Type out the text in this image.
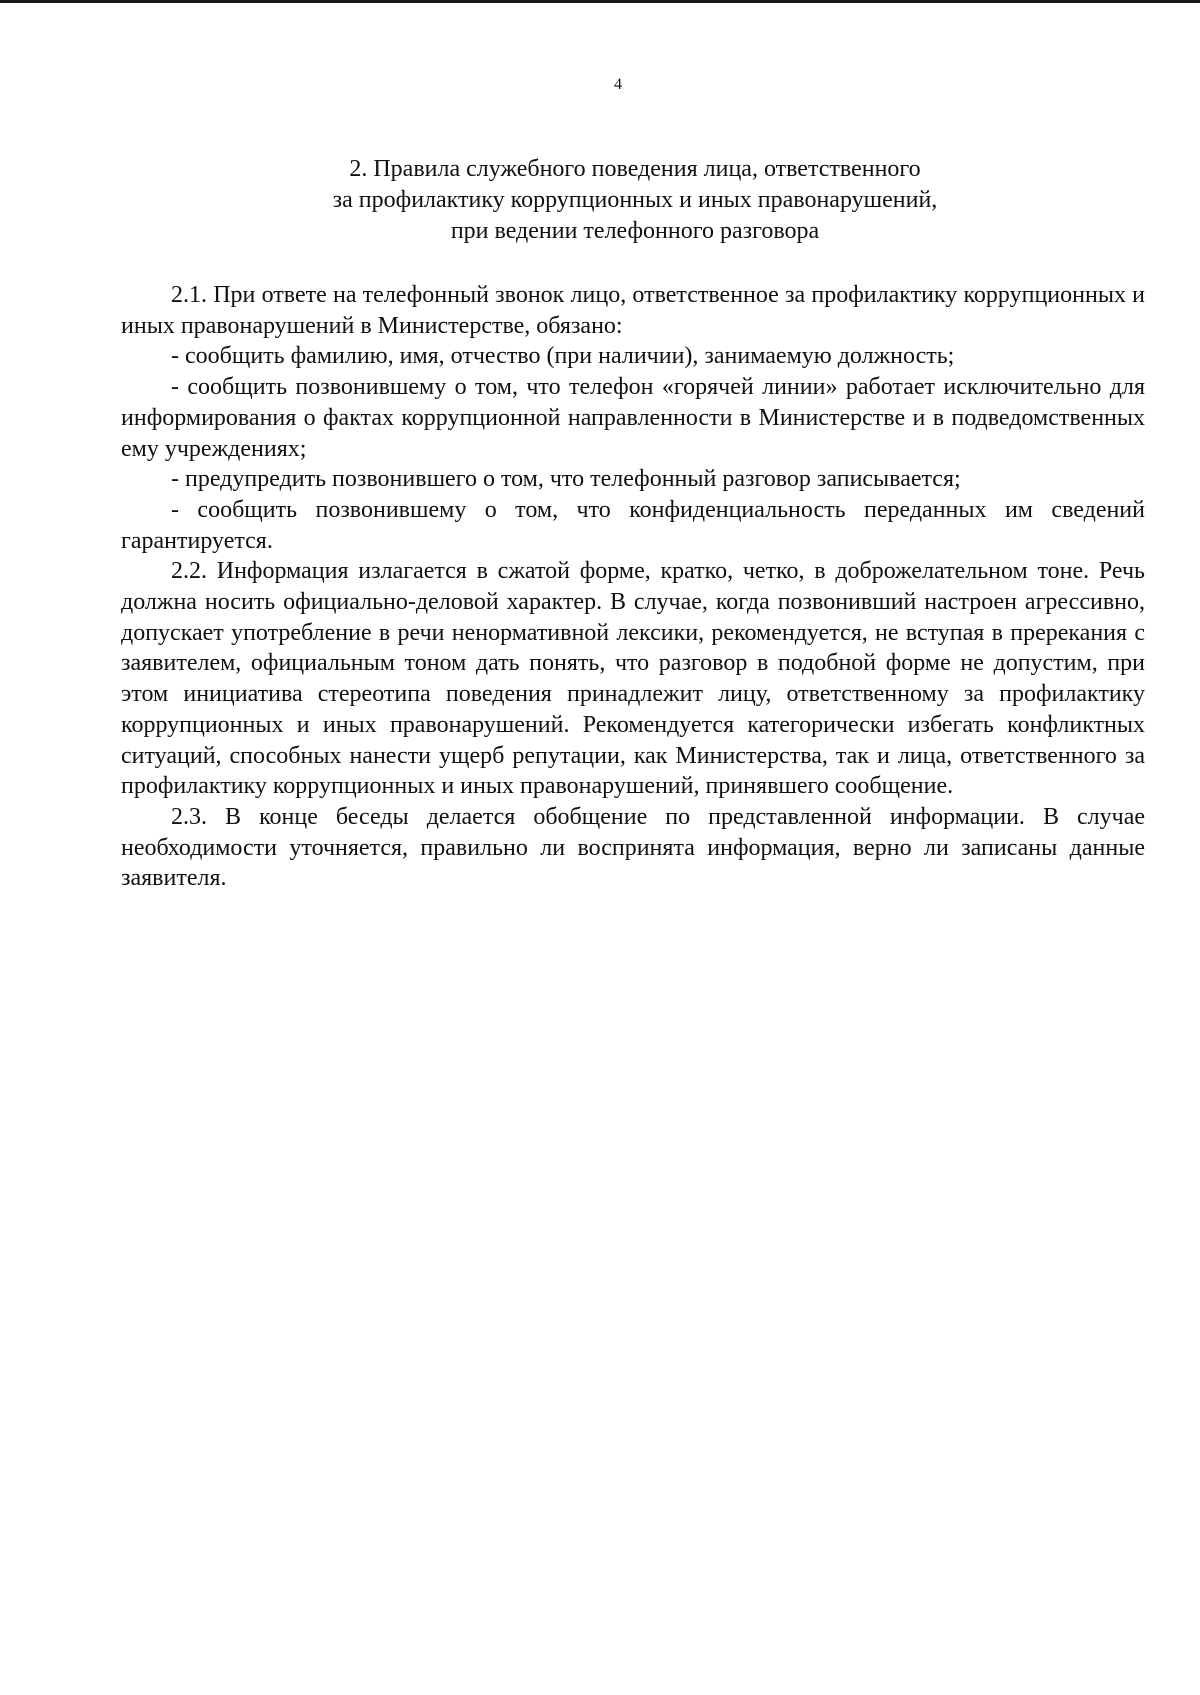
4
2. Правила служебного поведения лица, ответственного
за профилактику коррупционных и иных правонарушений,
при ведении телефонного разговора

2.1. При ответе на телефонный звонок лицо, ответственное за профилактику коррупционных и иных правонарушений в Министерстве, обязано:

- сообщить фамилию, имя, отчество (при наличии), занимаемую должность;

- сообщить позвонившему о том, что телефон «горячей линии» работает исключительно для информирования о фактах коррупционной направленности в Министерстве и в подведомственных ему учреждениях;

- предупредить позвонившего о том, что телефонный разговор записывается;

- сообщить позвонившему о том, что конфиденциальность переданных им сведений гарантируется.

2.2. Информация излагается в сжатой форме, кратко, четко, в доброжелательном тоне. Речь должна носить официально-деловой характер. В случае, когда позвонивший настроен агрессивно, допускает употребление в речи ненормативной лексики, рекомендуется, не вступая в пререкания с заявителем, официальным тоном дать понять, что разговор в подобной форме не допустим, при этом инициатива стереотипа поведения принадлежит лицу, ответственному за профилактику коррупционных и иных правонарушений. Рекомендуется категорически избегать конфликтных ситуаций, способных нанести ущерб репутации, как Министерства, так и лица, ответственного за профилактику коррупционных и иных правонарушений, принявшего сообщение.

2.3. В конце беседы делается обобщение по представленной информации. В случае необходимости уточняется, правильно ли воспринята информация, верно ли записаны данные заявителя.
